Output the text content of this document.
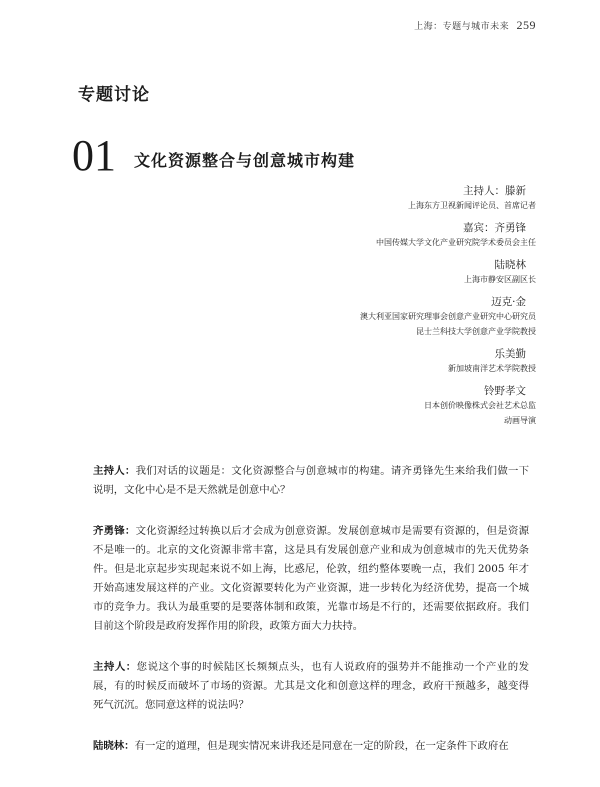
上海：专题与城市未来 259
专题讨论
01 文化资源整合与创意城市构建
主持人：滕新
上海东方卫视新闻评论员、首席记者
嘉宾：齐勇锋
中国传媒大学文化产业研究院学术委员会主任
陆晓林
上海市静安区副区长
迈克·金
澳大利亚国家研究理事会创意产业研究中心研究员
昆士兰科技大学创意产业学院教授
乐美勤
新加坡南洋艺术学院教授
铃野孝文
日本创价映像株式会社艺术总监
动画导演

主持人：我们对话的议题是：文化资源整合与创意城市的构建。请齐勇锋先生来给我们做一下说明，文化中心是不是天然就是创意中心？

齐勇锋：文化资源经过转换以后才会成为创意资源。发展创意城市是需要有资源的，但是资源不是唯一的。北京的文化资源非常丰富，这是具有发展创意产业和成为创意城市的先天优势条件。但是北京起步实现起来说不如上海，比惑尼，伦敦，纽约整体要晚一点，我们 2005 年才开始高速发展这样的产业。文化资源要转化为产业资源，进一步转化为经济优势，提高一个城市的竞争力。我认为最重要的是要落体制和政策，光靠市场是不行的，还需要依据政府。我们目前这个阶段是政府发挥作用的阶段，政策方面大力扶持。

主持人：您说这个事的时候陆区长频频点头，也有人说政府的强势并不能推动一个产业的发展，有的时候反而破坏了市场的资源。尤其是文化和创意这样的理念，政府干预越多，越变得死气沉沉。您同意这样的说法吗？

陆晓林：有一定的道理，但是现实情况来讲我还是同意在一定的阶段，在一定条件下政府在
